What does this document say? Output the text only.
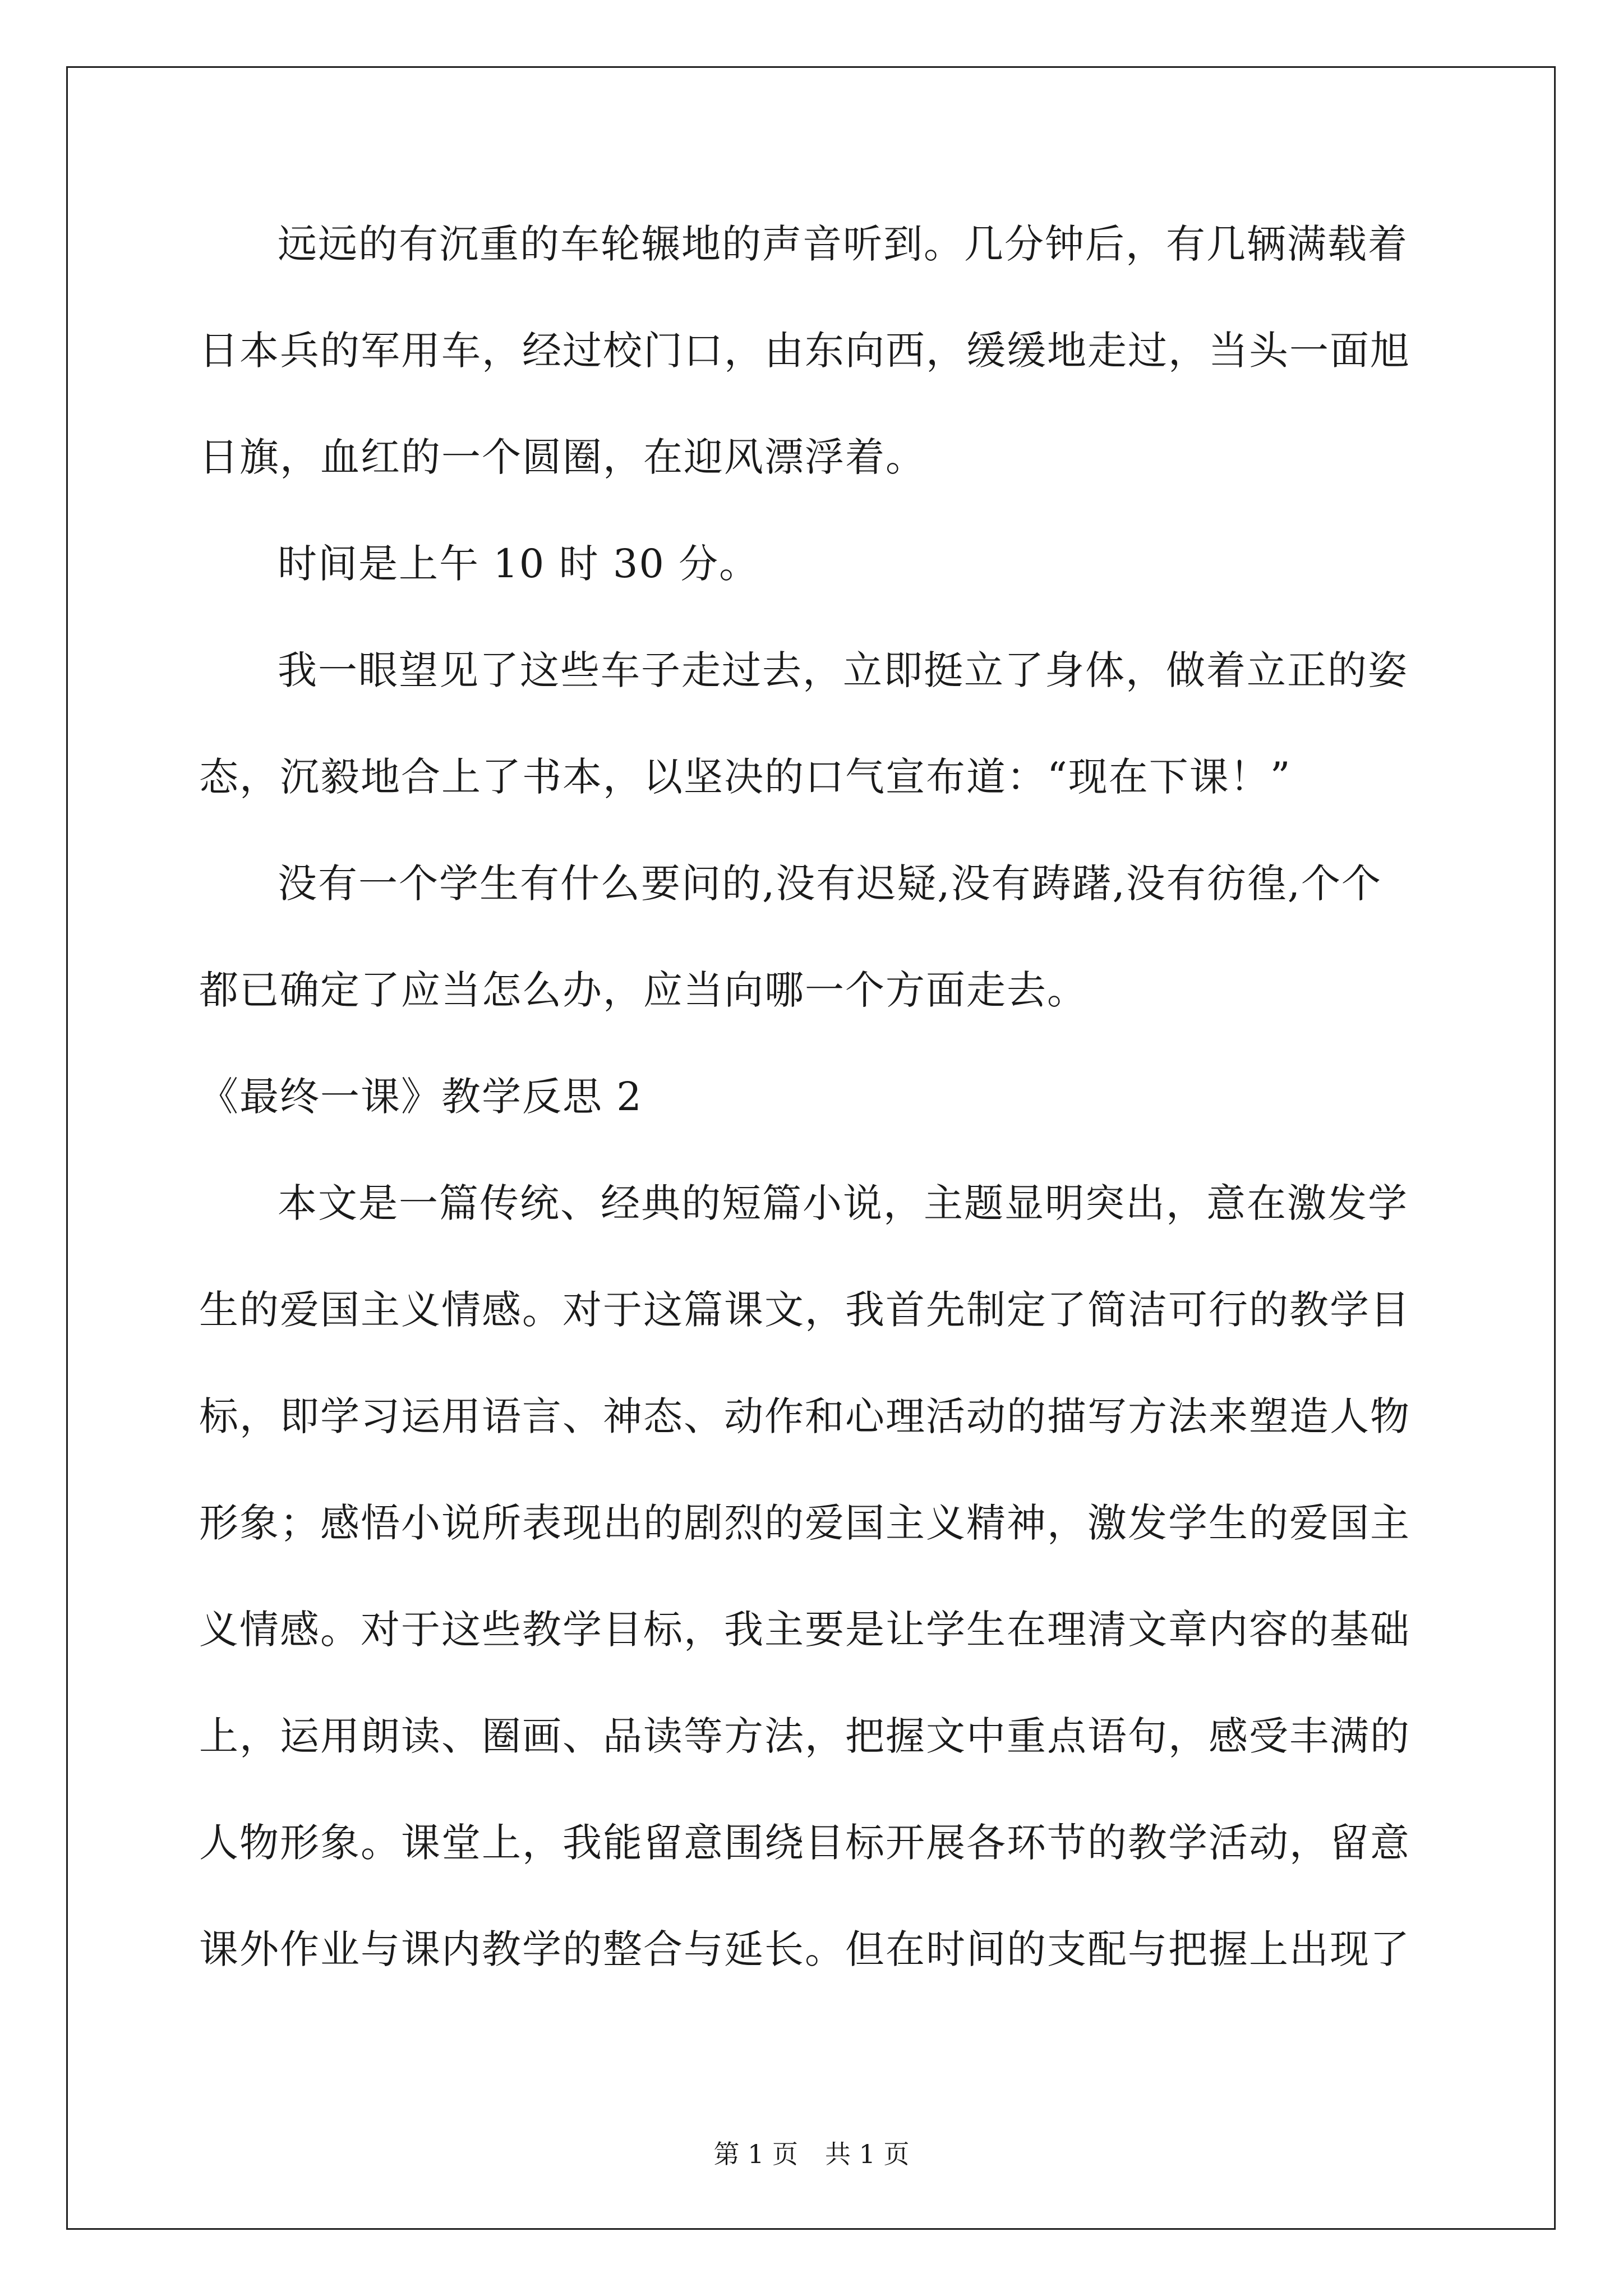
远远的有沉重的车轮辗地的声音听到。几分钟后，有几辆满载着
日本兵的军用车，经过校门口，由东向西，缓缓地走过，当头一面旭
日旗，血红的一个圆圈，在迎风漂浮着。
时间是上午 10 时 30 分。
我一眼望见了这些车子走过去，立即挺立了身体，做着立正的姿
态，沉毅地合上了书本，以坚决的口气宣布道：“现在下课！”
没有一个学生有什么要问的,没有迟疑,没有踌躇,没有彷徨,个个
都已确定了应当怎么办，应当向哪一个方面走去。
《最终一课》教学反思 2
本文是一篇传统、经典的短篇小说，主题显明突出，意在激发学
生的爱国主义情感。对于这篇课文，我首先制定了简洁可行的教学目
标，即学习运用语言、神态、动作和心理活动的描写方法来塑造人物
形象；感悟小说所表现出的剧烈的爱国主义精神，激发学生的爱国主
义情感。对于这些教学目标，我主要是让学生在理清文章内容的基础
上，运用朗读、圈画、品读等方法，把握文中重点语句，感受丰满的
人物形象。课堂上，我能留意围绕目标开展各环节的教学活动，留意
课外作业与课内教学的整合与延长。但在时间的支配与把握上出现了
第 1 页 共 1 页
